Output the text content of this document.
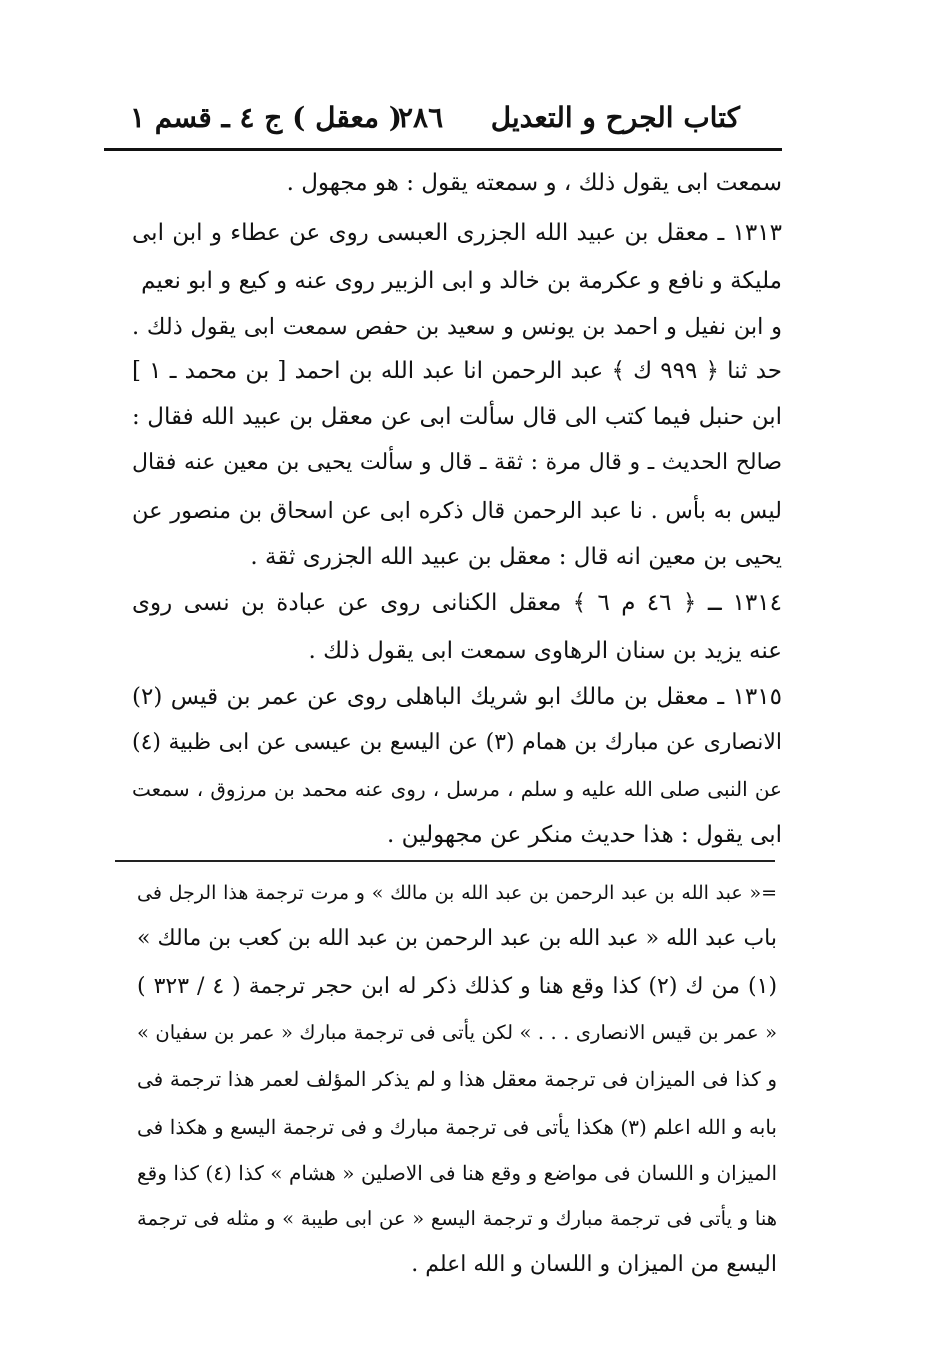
كتاب الجرح و التعديل
٢٨٦
( معقل ) ج ٤ ـ قسم ١
سمعت ابى يقول ذلك ، و سمعته يقول : هو مجهول .
١٣١٣ ـ معقل بن عبيد الله الجزرى العبسى روى عن عطاء و ابن ابى
مليكة و نافع و عكرمة بن خالد و ابى الزبير روى عنه و كيع و ابو نعيم
و ابن نفيل و احمد بن يونس و سعيد بن حفص سمعت ابى يقول ذلك .
حد ثنا ﴿ ٩٩٩ ك ﴾ عبد الرحمن انا عبد الله بن احمد [ بن محمد ـ ١ ]
ابن حنبل فيما كتب الى قال سألت ابى عن معقل بن عبيد الله فقال :
صالح الحديث ـ و قال مرة : ثقة ـ قال و سألت يحيى بن معين عنه فقال
ليس به بأس . نا عبد الرحمن قال ذكره ابى عن اسحاق بن منصور عن
يحيى بن معين انه قال : معقل بن عبيد الله الجزرى ثقة .
١٣١٤ ـ ﴿ ٤٦ م ٦ ﴾ معقل الكنانى روى عن عبادة بن نسى روى
عنه يزيد بن سنان الرهاوى سمعت ابى يقول ذلك .
١٣١٥ ـ معقل بن مالك ابو شريك الباهلى روى عن عمر بن قيس (٢)
الانصارى عن مبارك بن همام (٣) عن اليسع بن عيسى عن ابى ظبية (٤)
عن النبى صلى الله عليه و سلم ، مرسل ، روى عنه محمد بن مرزوق ، سمعت
ابى يقول : هذا حديث منكر عن مجهولين .
=« عبد الله بن عبد الرحمن بن عبد الله بن مالك » و مرت ترجمة هذا الرجل فى
باب عبد الله « عبد الله بن عبد الرحمن بن عبد الله بن كعب بن مالك »
(١) من ك (٢) كذا وقع هنا و كذلك ذكر له ابن حجر ترجمة ( ٤ / ٣٢٣ )
« عمر بن قيس الانصارى . . . » لكن يأتى فى ترجمة مبارك « عمر بن سفيان »
و كذا فى الميزان فى ترجمة معقل هذا و لم يذكر المؤلف لعمر هذا ترجمة فى
بابه و الله اعلم (٣) هكذا يأتى فى ترجمة مبارك و فى ترجمة اليسع و هكذا فى
الميزان و اللسان فى مواضع و وقع هنا فى الاصلين « هشام » كذا (٤) كذا وقع
هنا و يأتى فى ترجمة مبارك و ترجمة اليسع « عن ابى طيبة » و مثله فى ترجمة
اليسع من الميزان و اللسان و الله اعلم .
